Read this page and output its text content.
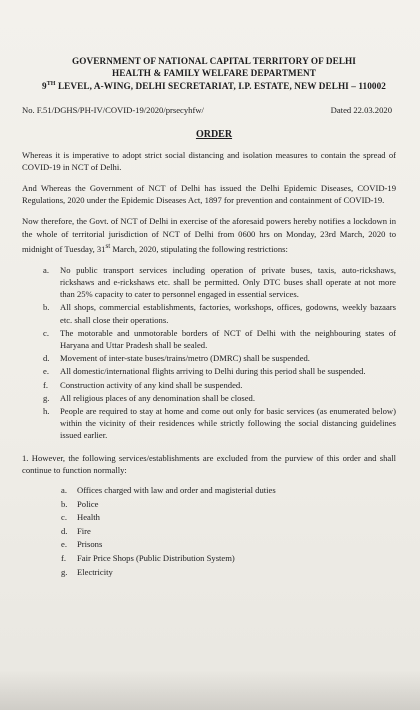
GOVERNMENT OF NATIONAL CAPITAL TERRITORY OF DELHI
HEALTH & FAMILY WELFARE DEPARTMENT
9TH LEVEL, A-WING, DELHI SECRETARIAT, I.P. ESTATE, NEW DELHI – 110002
No. F.51/DGHS/PH-IV/COVID-19/2020/prsecyhfw/	Dated 22.03.2020
ORDER

Whereas it is imperative to adopt strict social distancing and isolation measures to contain the spread of COVID-19 in NCT of Delhi.

And Whereas the Government of NCT of Delhi has issued the Delhi Epidemic Diseases, COVID-19 Regulations, 2020 under the Epidemic Diseases Act, 1897 for prevention and containment of COVID-19.

Now therefore, the Govt. of NCT of Delhi in exercise of the aforesaid powers hereby notifies a lockdown in the whole of territorial jurisdiction of NCT of Delhi from 0600 hrs on Monday, 23rd March, 2020 to midnight of Tuesday, 31st March, 2020, stipulating the following restrictions:

a.	No public transport services including operation of private buses, taxis, auto-rickshaws, rickshaws and e-rickshaws etc. shall be permitted. Only DTC buses shall operate at not more than 25% capacity to cater to personnel engaged in essential services.
b.	All shops, commercial establishments, factories, workshops, offices, godowns, weekly bazaars etc. shall close their operations.
c.	The motorable and unmotorable borders of NCT of Delhi with the neighbouring states of Haryana and Uttar Pradesh shall be sealed.
d.	Movement of inter-state buses/trains/metro (DMRC) shall be suspended.
e.	All domestic/international flights arriving to Delhi during this period shall be suspended.
f.	Construction activity of any kind shall be suspended.
g.	All religious places of any denomination shall be closed.
h.	People are required to stay at home and come out only for basic services (as enumerated below) within the vicinity of their residences while strictly following the social distancing guidelines issued earlier.

1. However, the following services/establishments are excluded from the purview of this order and shall continue to function normally:

a.	Offices charged with law and order and magisterial duties
b.	Police
c.	Health
d.	Fire
e.	Prisons
f.	Fair Price Shops (Public Distribution System)
g.	Electricity
